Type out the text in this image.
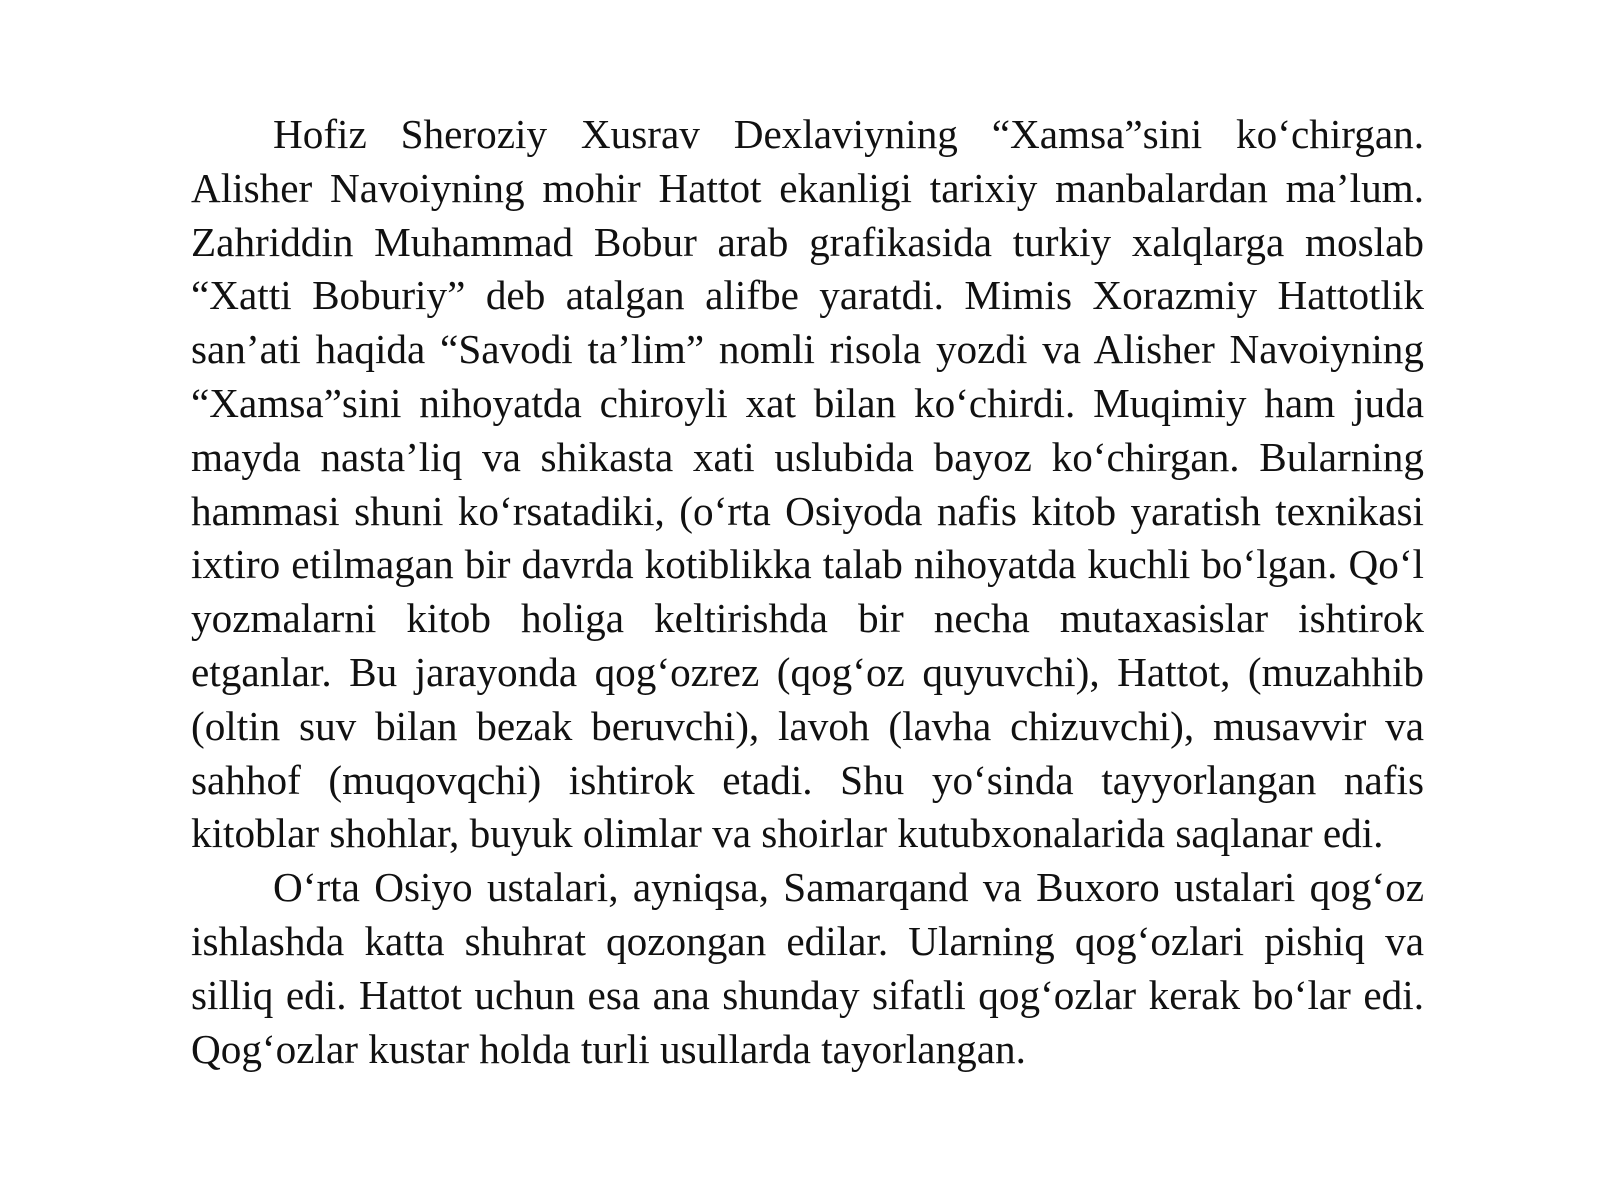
Hofiz Sheroziy Xusrav Dexlaviyning “Xamsa”sini koʻchirgan. Alisher Navoiyning mohir Hattot ekanligi tarixiy manbalardan ma’lum. Zahriddin Muhammad Bobur arab grafikasida turkiy xalqlarga moslab “Xatti Boburiy” deb atalgan alifbe yaratdi. Mimis Xorazmiy Hattotlik san’ati haqida “Savodi ta’lim” nomli risola yozdi va Alisher Navoiyning “Xamsa”sini nihoyatda chiroyli xat bilan koʻchirdi. Muqimiy ham juda mayda nasta’liq va shikasta xati uslubida bayoz koʻchirgan. Bularning hammasi shuni koʻrsatadiki, (oʻrta Osiyoda nafis kitob yaratish texnikasi ixtiro etilmagan bir davrda kotiblikka talab nihoyatda kuchli boʻlgan. Qoʻl yozmalarni kitob holiga keltirishda bir necha mutaxasislar ishtirok etganlar. Bu jarayonda qogʻozrez (qogʻoz quyuvchi), Hattot, (muzahhib (oltin suv bilan bezak beruvchi), lavoh (lavha chizuvchi), musavvir va sahhof (muqovqchi) ishtirok etadi. Shu yoʻsinda tayyorlangan nafis kitoblar shohlar, buyuk olimlar va shoirlar kutubxonalarida saqlanar edi.

Oʻrta Osiyo ustalari, ayniqsa, Samarqand va Buxoro ustalari qogʻoz ishlashda katta shuhrat qozongan edilar. Ularning qogʻozlari pishiq va silliq edi. Hattot uchun esa ana shunday sifatli qogʻozlar kerak boʻlar edi. Qogʻozlar kustar holda turli usullarda tayorlangan.
